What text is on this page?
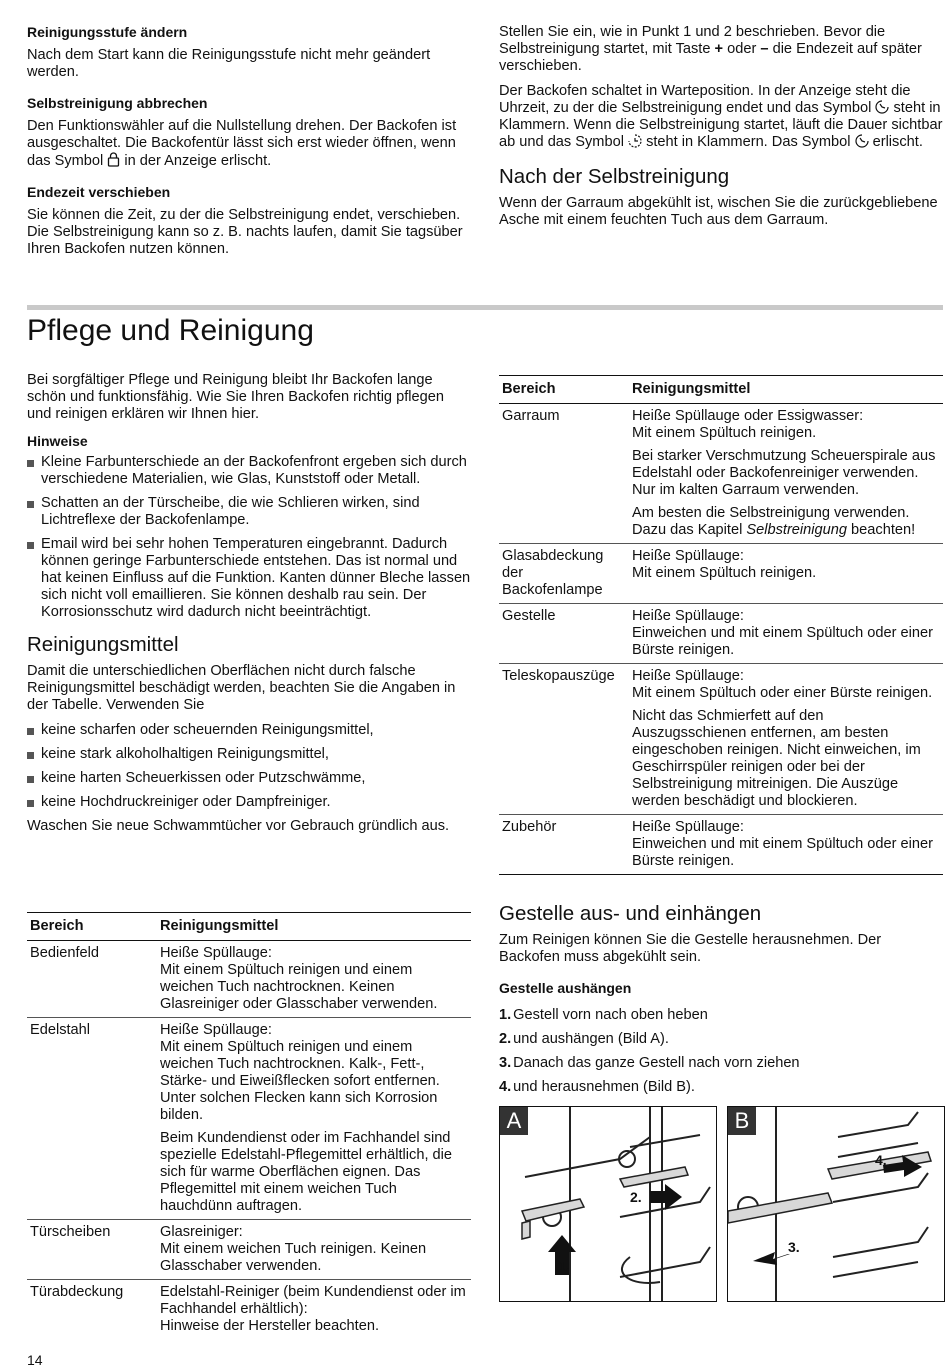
Reinigungsstufe ändern

Nach dem Start kann die Reinigungsstufe nicht mehr geändert werden.

Selbstreinigung abbrechen

Den Funktionswähler auf die Nullstellung drehen. Der Backofen ist ausgeschaltet. Die Backofentür lässt sich erst wieder öffnen, wenn das Symbol in der Anzeige erlischt.

Endezeit verschieben

Sie können die Zeit, zu der die Selbstreinigung endet, verschieben. Die Selbstreinigung kann so z. B. nachts laufen, damit Sie tagsüber Ihren Backofen nutzen können.

Stellen Sie ein, wie in Punkt 1 und 2 beschrieben. Bevor die Selbstreinigung startet, mit Taste + oder – die Endezeit auf später verschieben.

Der Backofen schaltet in Warteposition. In der Anzeige steht die Uhrzeit, zu der die Selbstreinigung endet und das Symbol steht in Klammern. Wenn die Selbstreinigung startet, läuft die Dauer sichtbar ab und das Symbol steht in Klammern. Das Symbol erlischt.

Nach der Selbstreinigung

Wenn der Garraum abgekühlt ist, wischen Sie die zurückgebliebene Asche mit einem feuchten Tuch aus dem Garraum.

Pflege und Reinigung

Bei sorgfältiger Pflege und Reinigung bleibt Ihr Backofen lange schön und funktionsfähig. Wie Sie Ihren Backofen richtig pflegen und reinigen erklären wir Ihnen hier.

Hinweise

Kleine Farbunterschiede an der Backofenfront ergeben sich durch verschiedene Materialien, wie Glas, Kunststoff oder Metall.
Schatten an der Türscheibe, die wie Schlieren wirken, sind Lichtreflexe der Backofenlampe.
Email wird bei sehr hohen Temperaturen eingebrannt. Dadurch können geringe Farbunterschiede entstehen. Das ist normal und hat keinen Einfluss auf die Funktion. Kanten dünner Bleche lassen sich nicht voll emaillieren. Sie können deshalb rau sein. Der Korrosionsschutz wird dadurch nicht beeinträchtigt.

Reinigungsmittel

Damit die unterschiedlichen Oberflächen nicht durch falsche Reinigungsmittel beschädigt werden, beachten Sie die Angaben in der Tabelle. Verwenden Sie

keine scharfen oder scheuernden Reinigungsmittel,
keine stark alkoholhaltigen Reinigungsmittel,
keine harten Scheuerkissen oder Putzschwämme,
keine Hochdruckreiniger oder Dampfreiniger.

Waschen Sie neue Schwammtücher vor Gebrauch gründlich aus.

Bereich	Reinigungsmittel
Bedienfeld	Heiße Spüllauge:
Mit einem Spültuch reinigen und einem weichen Tuch nachtrocknen. Keinen Glasreiniger oder Glasschaber verwenden.

Edelstahl	Heiße Spüllauge:
Mit einem Spültuch reinigen und einem weichen Tuch nachtrocknen. Kalk-, Fett-, Stärke- und Eiweißflecken sofort entfernen. Unter solchen Flecken kann sich Korrosion bilden.

Beim Kundendienst oder im Fachhandel sind spezielle Edelstahl-Pflegemittel erhältlich, die sich für warme Oberflächen eignen. Das Pflegemittel mit einem weichen Tuch hauchdünn auftragen.

Türscheiben	Glasreiniger:
Mit einem weichen Tuch reinigen. Keinen Glasschaber verwenden.

Türabdeckung	Edelstahl-Reiniger (beim Kundendienst oder im Fachhandel erhältlich):
Hinweise der Hersteller beachten.

Bereich	Reinigungsmittel
Garraum	Heiße Spüllauge oder Essigwasser:
Mit einem Spültuch reinigen.

Bei starker Verschmutzung Scheuerspirale aus Edelstahl oder Backofenreiniger verwenden. Nur im kalten Garraum verwenden.

Am besten die Selbstreinigung verwenden. Dazu das Kapitel Selbstreinigung beachten!

Glasabdeckung der Backofenlampe	Heiße Spüllauge:
Mit einem Spültuch reinigen.

Gestelle	Heiße Spüllauge:
Einweichen und mit einem Spültuch oder einer Bürste reinigen.

Teleskopauszüge	Heiße Spüllauge:
Mit einem Spültuch oder einer Bürste reinigen.

Nicht das Schmierfett auf den Auszugsschienen entfernen, am besten eingeschoben reinigen. Nicht einweichen, im Geschirrspüler reinigen oder bei der Selbstreinigung mitreinigen. Die Auszüge werden beschädigt und blockieren.

Zubehör	Heiße Spüllauge:
Einweichen und mit einem Spültuch oder einer Bürste reinigen.

Gestelle aus- und einhängen

Zum Reinigen können Sie die Gestelle herausnehmen. Der Backofen muss abgekühlt sein.

Gestelle aushängen

1. Gestell vorn nach oben heben
2. und aushängen (Bild A).
3. Danach das ganze Gestell nach vorn ziehen
4. und herausnehmen (Bild B).
A
1.
2.
B
3.
4.
14
